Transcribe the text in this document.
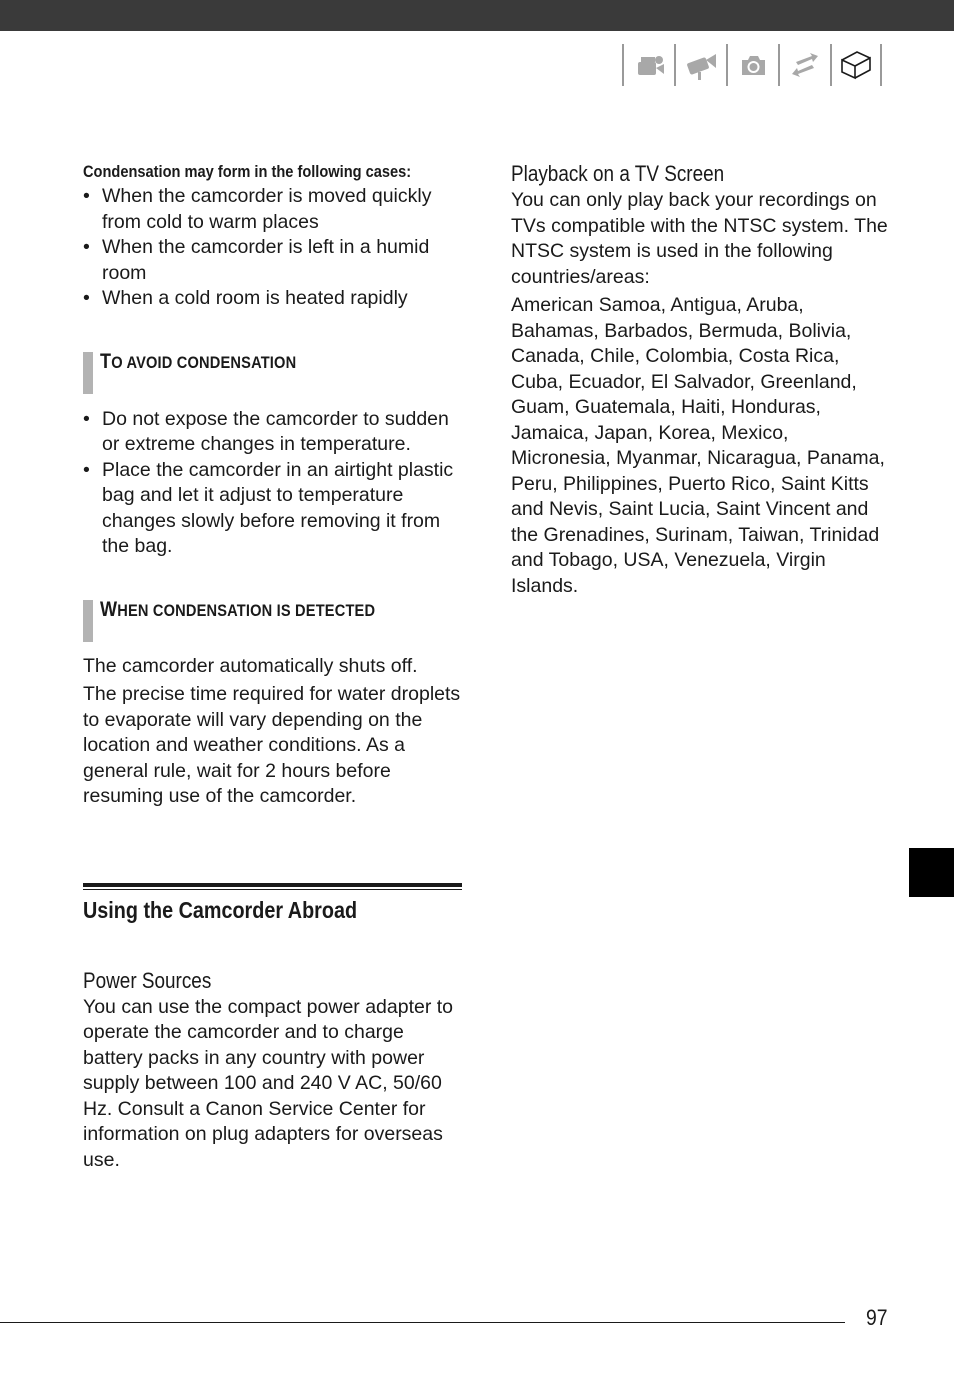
Condensation may form in the following cases:

• When the camcorder is moved quickly from cold to warm places
• When the camcorder is left in a humid room
• When a cold room is heated rapidly
TO AVOID CONDENSATION
• Do not expose the camcorder to sudden or extreme changes in temperature.
• Place the camcorder in an airtight plastic bag and let it adjust to temperature changes slowly before removing it from the bag.
WHEN CONDENSATION IS DETECTED

The camcorder automatically shuts off.

The precise time required for water droplets to evaporate will vary depending on the location and weather conditions. As a general rule, wait for 2 hours before resuming use of the camcorder.

Using the Camcorder Abroad

Power Sources

You can use the compact power adapter to operate the camcorder and to charge battery packs in any country with power supply between 100 and 240 V AC, 50/60 Hz. Consult a Canon Service Center for information on plug adapters for overseas use.

Playback on a TV Screen

You can only play back your recordings on TVs compatible with the NTSC system. The NTSC system is used in the following countries/areas:

American Samoa, Antigua, Aruba, Bahamas, Barbados, Bermuda, Bolivia, Canada, Chile, Colombia, Costa Rica, Cuba, Ecuador, El Salvador, Greenland, Guam, Guatemala, Haiti, Honduras, Jamaica, Japan, Korea, Mexico, Micronesia, Myanmar, Nicaragua, Panama, Peru, Philippines, Puerto Rico, Saint Kitts and Nevis, Saint Lucia, Saint Vincent and the Grenadines, Surinam, Taiwan, Trinidad and Tobago, USA, Venezuela, Virgin Islands.

97
